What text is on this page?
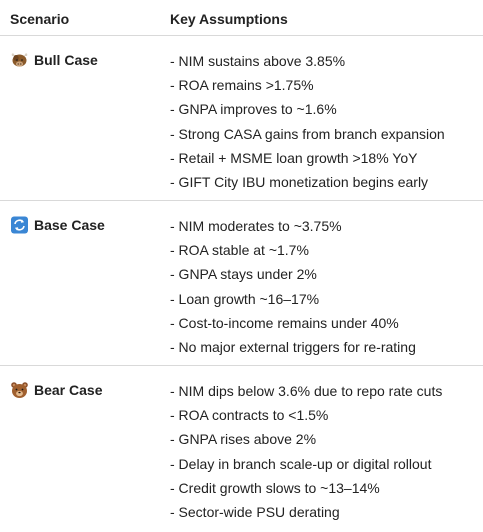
Scenario	Key Assumptions
Bull Case	- NIM sustains above 3.85%
- ROA remains >1.75%
- GNPA improves to ~1.6%
- Strong CASA gains from branch expansion
- Retail + MSME loan growth >18% YoY
- GIFT City IBU monetization begins early
Base Case	- NIM moderates to ~3.75%
- ROA stable at ~1.7%
- GNPA stays under 2%
- Loan growth ~16–17%
- Cost-to-income remains under 40%
- No major external triggers for re-rating
Bear Case	- NIM dips below 3.6% due to repo rate cuts
- ROA contracts to <1.5%
- GNPA rises above 2%
- Delay in branch scale-up or digital rollout
- Credit growth slows to ~13–14%
- Sector-wide PSU derating
